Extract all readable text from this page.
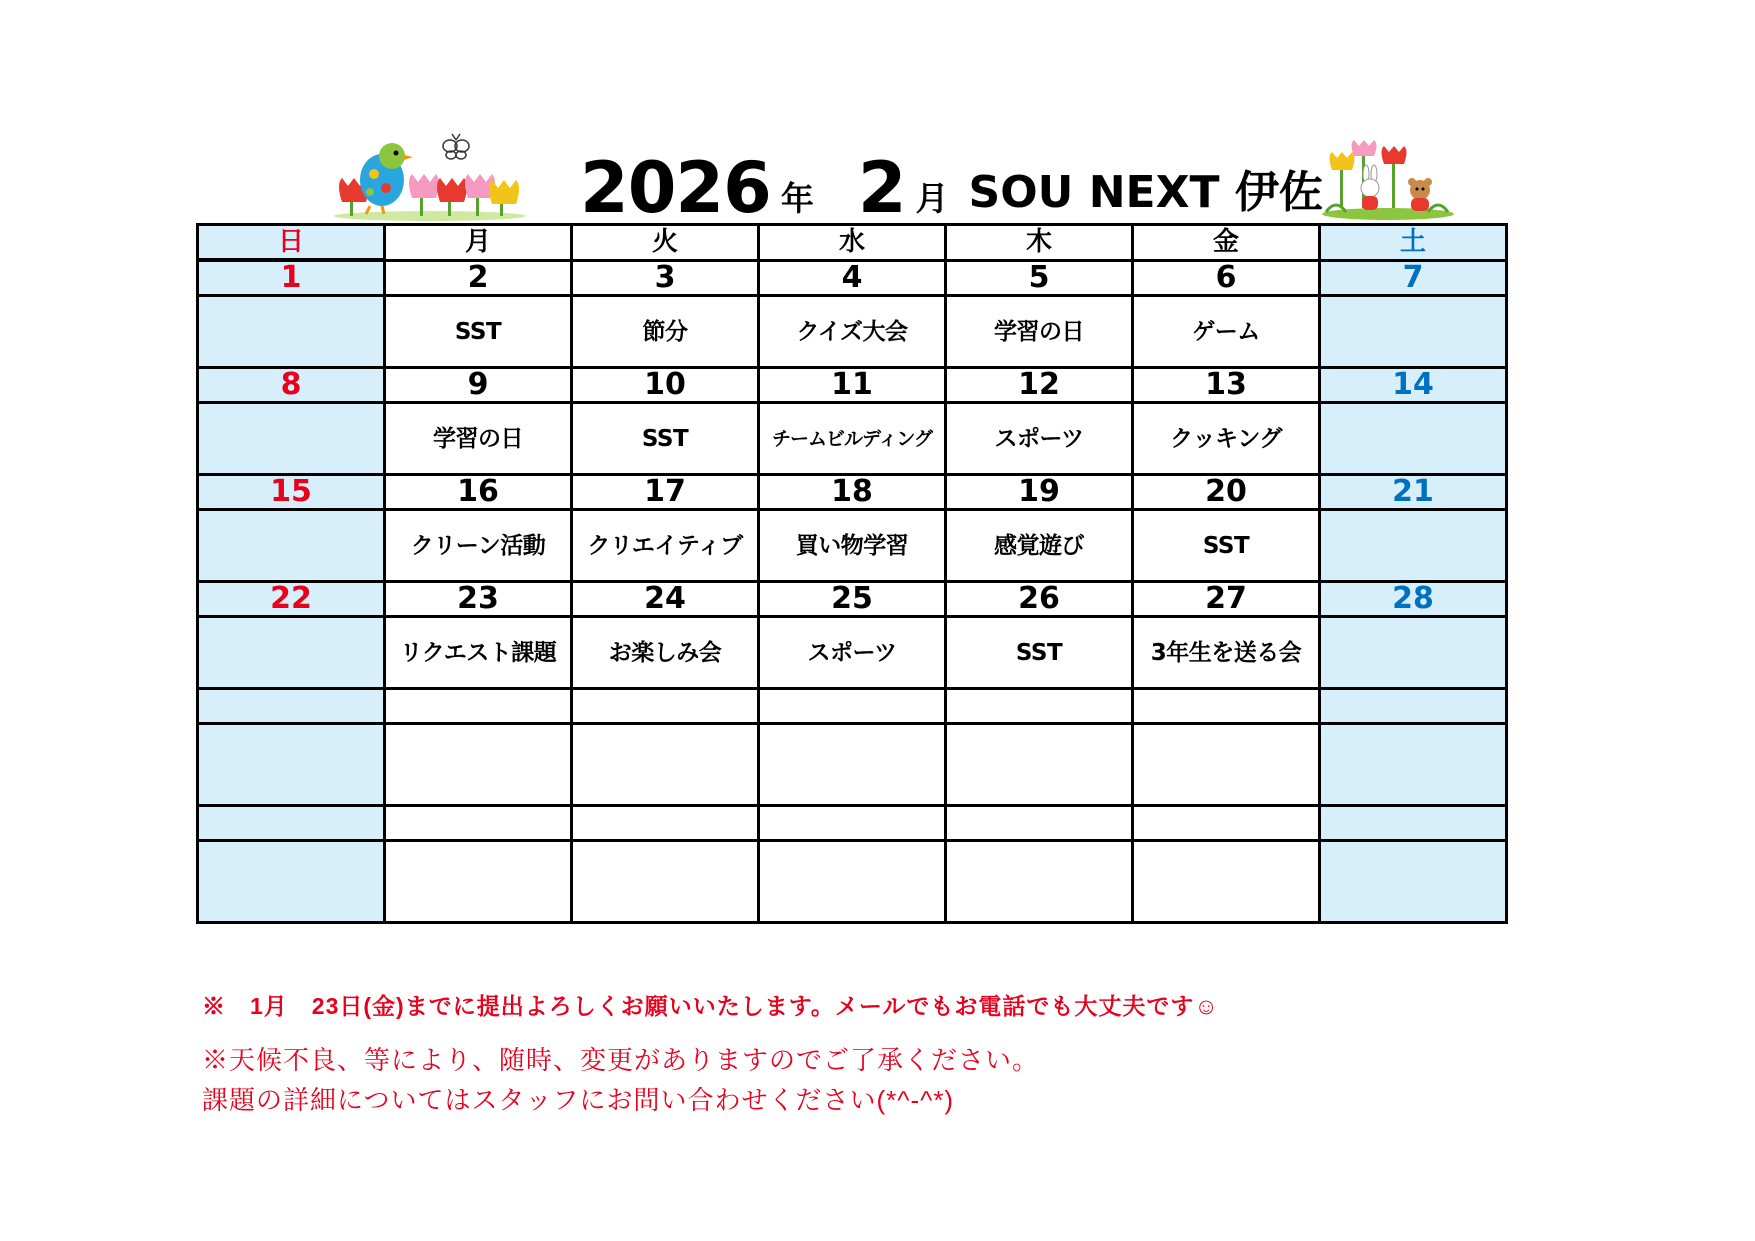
2026 年 2 月 SOU NEXT 伊佐
日	月	火	水	木	金	土
1	2	3	4	5	6	7
	SST	節分	クイズ大会	学習の日	ゲーム	
8	9	10	11	12	13	14
	学習の日	SST	チームビルディング	スポーツ	クッキング	
15	16	17	18	19	20	21
	クリーン活動	クリエイティブ	買い物学習	感覚遊び	SST	
22	23	24	25	26	27	28
	リクエスト課題	お楽しみ会	スポーツ	SST	3年生を送る会	

※　1月　23日(金)までに提出よろしくお願いいたします。メールでもお電話でも大丈夫です☺
※天候不良、等により、随時、変更がありますのでご了承ください。
課題の詳細についてはスタッフにお問い合わせください(*^-^*)
